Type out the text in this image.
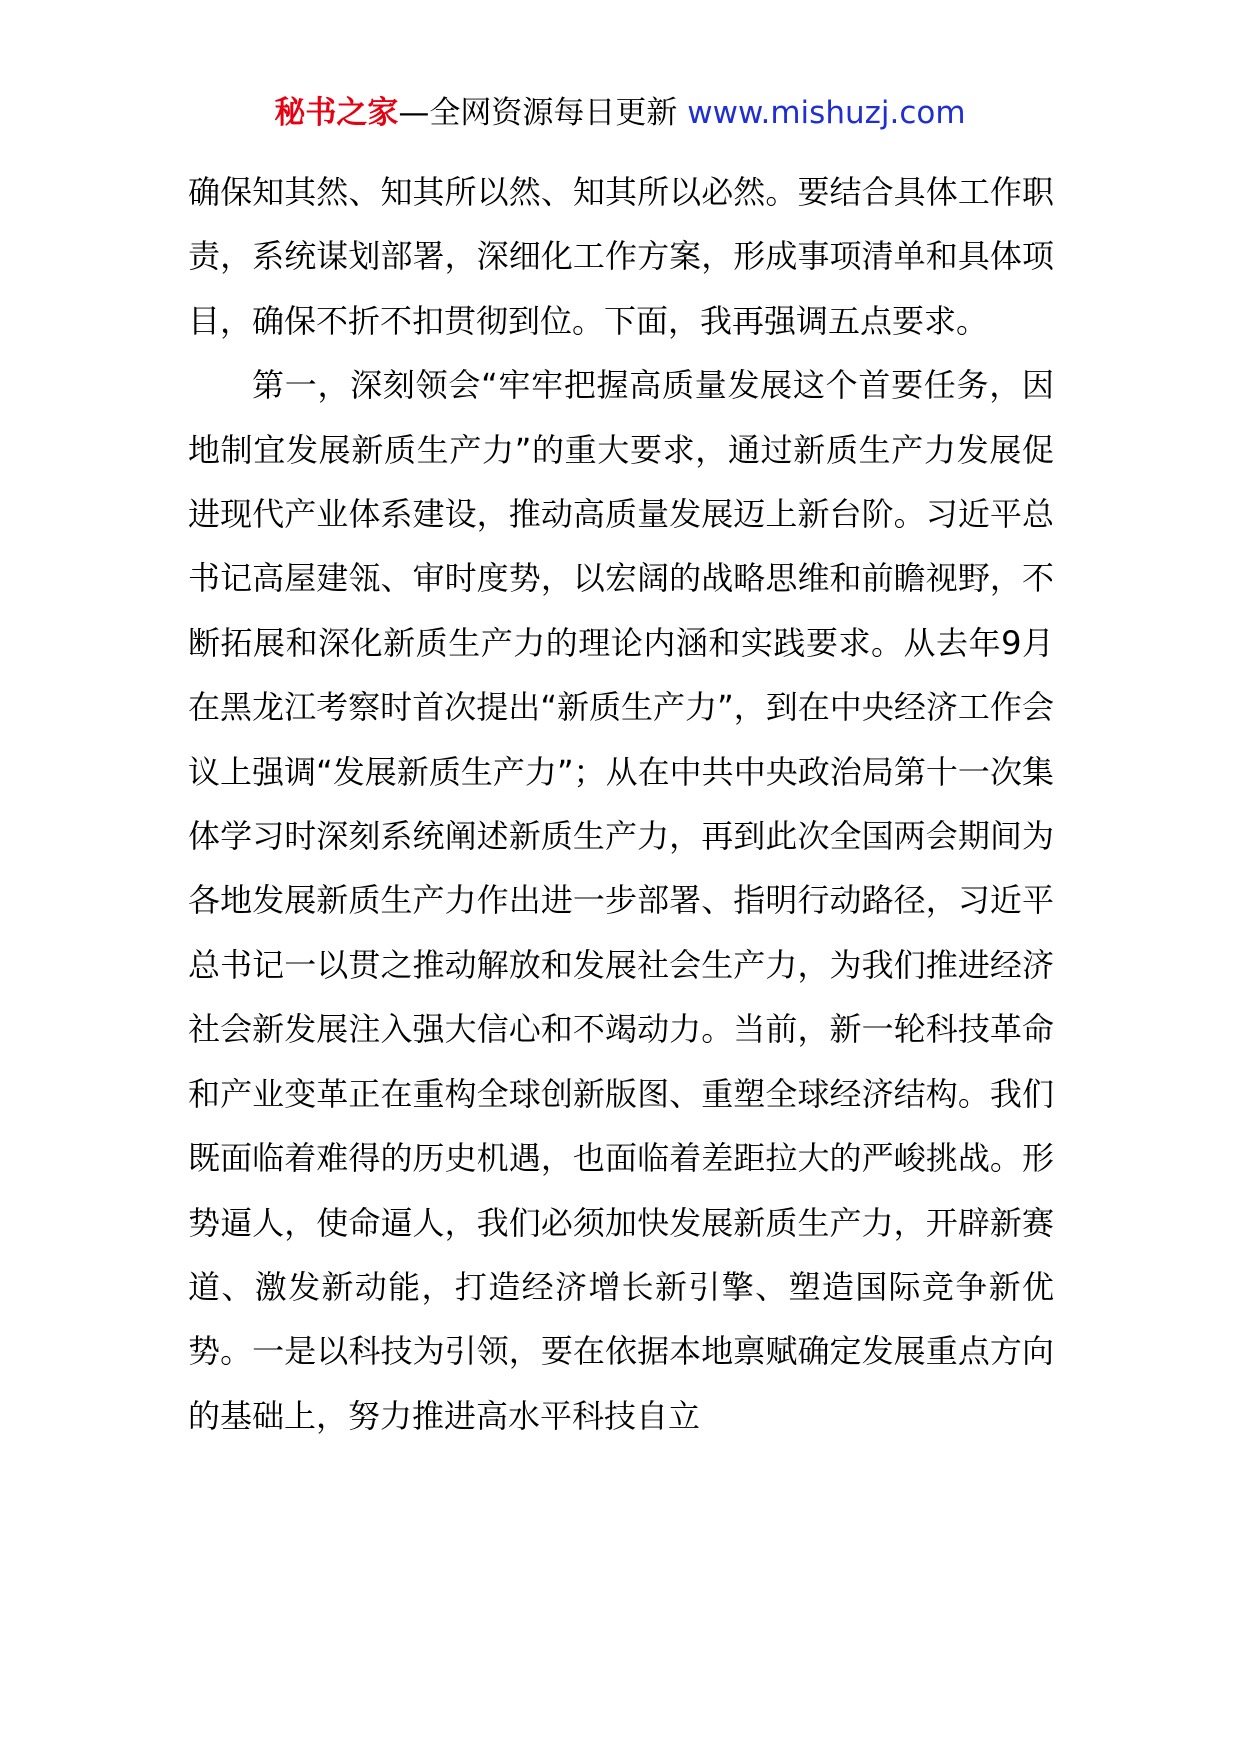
秘书之家—全网资源每日更新 www.mishuzj.com

确保知其然、知其所以然、知其所以必然。要结合具体工作职责，系统谋划部署，深细化工作方案，形成事项清单和具体项目，确保不折不扣贯彻到位。下面，我再强调五点要求。

第一，深刻领会“牢牢把握高质量发展这个首要任务，因地制宜发展新质生产力”的重大要求，通过新质生产力发展促进现代产业体系建设，推动高质量发展迈上新台阶。习近平总书记高屋建瓴、审时度势，以宏阔的战略思维和前瞻视野，不断拓展和深化新质生产力的理论内涵和实践要求。从去年9月在黑龙江考察时首次提出“新质生产力”，到在中央经济工作会议上强调“发展新质生产力”；从在中共中央政治局第十一次集体学习时深刻系统阐述新质生产力，再到此次全国两会期间为各地发展新质生产力作出进一步部署、指明行动路径，习近平总书记一以贯之推动解放和发展社会生产力，为我们推进经济社会新发展注入强大信心和不竭动力。当前，新一轮科技革命和产业变革正在重构全球创新版图、重塑全球经济结构。我们既面临着难得的历史机遇，也面临着差距拉大的严峻挑战。形势逼人，使命逼人，我们必须加快发展新质生产力，开辟新赛道、激发新动能，打造经济增长新引擎、塑造国际竞争新优势。一是以科技为引领，要在依据本地禀赋确定发展重点方向的基础上，努力推进高水平科技自立
